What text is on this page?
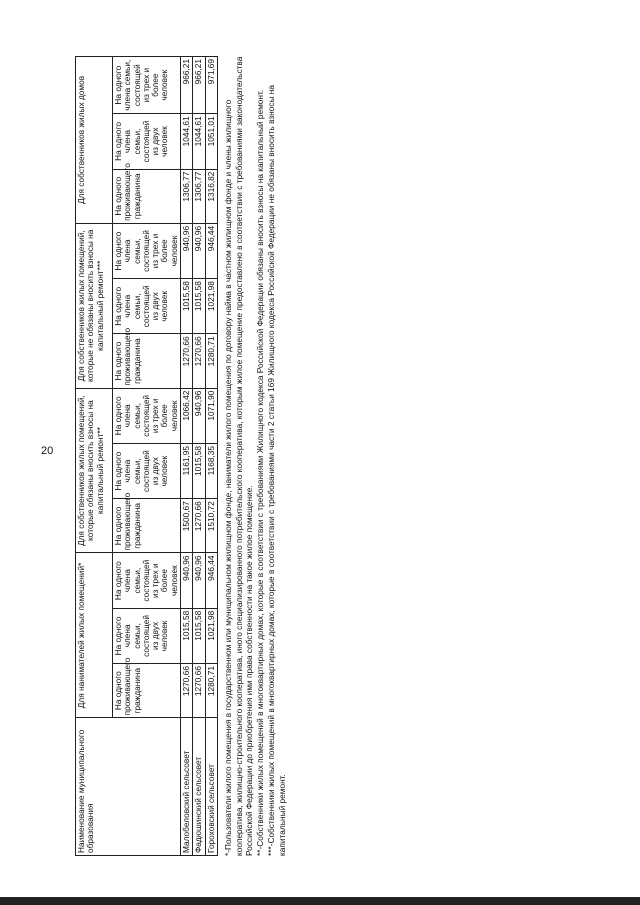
20
Наименование муниципального образования	Для нанимателей жилых помещений*			Для собственников жилых помещений, которые обязаны вносить взносы на капитальный ремонт**			Для собственников жилых помещений, которые не обязаны вносить взносы на капитальный ремонт***			Для собственников жилых домов		
	На одного проживающего гражданина	На одного члена семьи, состоящей из двух человек	На одного члена семьи, состоящей из трех и более человек	На одного проживающего гражданина	На одного члена семьи, состоящей из двух человек	На одного члена семьи, состоящей из трех и более человек	На одного проживающего гражданина	На одного члена семьи, состоящей из двух человек	На одного члена семьи, состоящей из трех и более человек	На одного проживающего гражданина	На одного члена семьи, состоящей из двух человек	На одного члена семьи, состоящей из трех и более человек
Малобеловский сельсовет	1270,66	1015,58	940,96	1500,67	1161,95	1066,42	1270,66	1015,58	940,96	1306,77	1044,61	966,21
Фадюшинский сельсовет	1270,66	1015,58	940,96	1270,66	1015,58	940,96	1270,66	1015,58	940,96	1306,77	1044,61	966,21
Гороховский сельсовет	1280,71	1021,98	946,44	1510,72	1168,35	1071,90	1280,71	1021,98	946,44	1316,82	1051,01	971,69

*-Пользователи жилого помещения в государственном или муниципальном жилищном фонде, наниматели жилого помещения по договору найма в частном жилищном фонде и члены жилищного кооператива, жилищно-строительного кооператива, иного специализированного потребительского кооператива, которым жилое помещение предоставлено в соответствии с требованиями законодательства Российской Федерации до приобретения ими права собственности на такое жилое помещение. **-Собственники жилых помещений в многоквартирных домах, которые в соответствии с требованиями Жилищного кодекса Российской Федерации обязаны вносить взносы на капитальный ремонт. ***-Собственники жилых помещений в многоквартирных домах, которые в соответствии с требованиями части 2 статьи 169 Жилищного кодекса Российской Федерации не обязаны вносить взносы на капитальный ремонт.
